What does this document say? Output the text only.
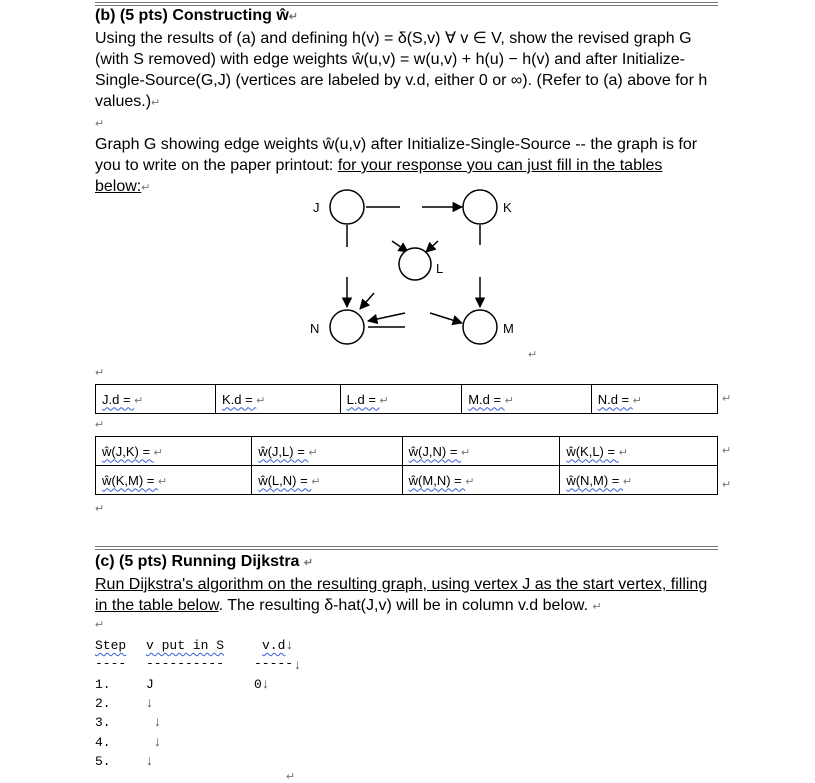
(b) (5 pts) Constructing ŵ↵
Using the results of (a) and defining h(v) = δ(S,v) ∀ v ∈ V, show the revised graph G
(with S removed) with edge weights ŵ(u,v) = w(u,v) + h(u) − h(v) and after Initialize-
Single-Source(G,J) (vertices are labeled by v.d, either 0 or ∞). (Refer to (a) above for h
values.)↵
↵
Graph G showing edge weights ŵ(u,v) after Initialize-Single-Source -- the graph is for
you to write on the paper printout: for your response you can just fill in the tables below:↵
J	K
L
N	M
↵
↵
J.d = ↵	K.d = ↵	L.d = ↵	M.d = ↵	N.d = ↵	↵
↵
ŵ(J,K) = ↵	ŵ(J,L) = ↵	ŵ(J,N) = ↵	ŵ(K,L) = ↵
ŵ(K,M) = ↵	ŵ(L,N) = ↵	ŵ(M,N) = ↵	ŵ(N,M) = ↵
↵
↵
↵
(c) (5 pts) Running Dijkstra ↵
Run Dijkstra's algorithm on the resulting graph, using vertex J as the start vertex, filling
in the table below. The resulting δ-hat(J,v) will be in column v.d below. ↵
↵
Step v put in S	v.d ↓
---- ---------- ----- ↓
1.	J	0 ↓
2.	↓
3.	↓
4.	↓
5.	↓
↵
